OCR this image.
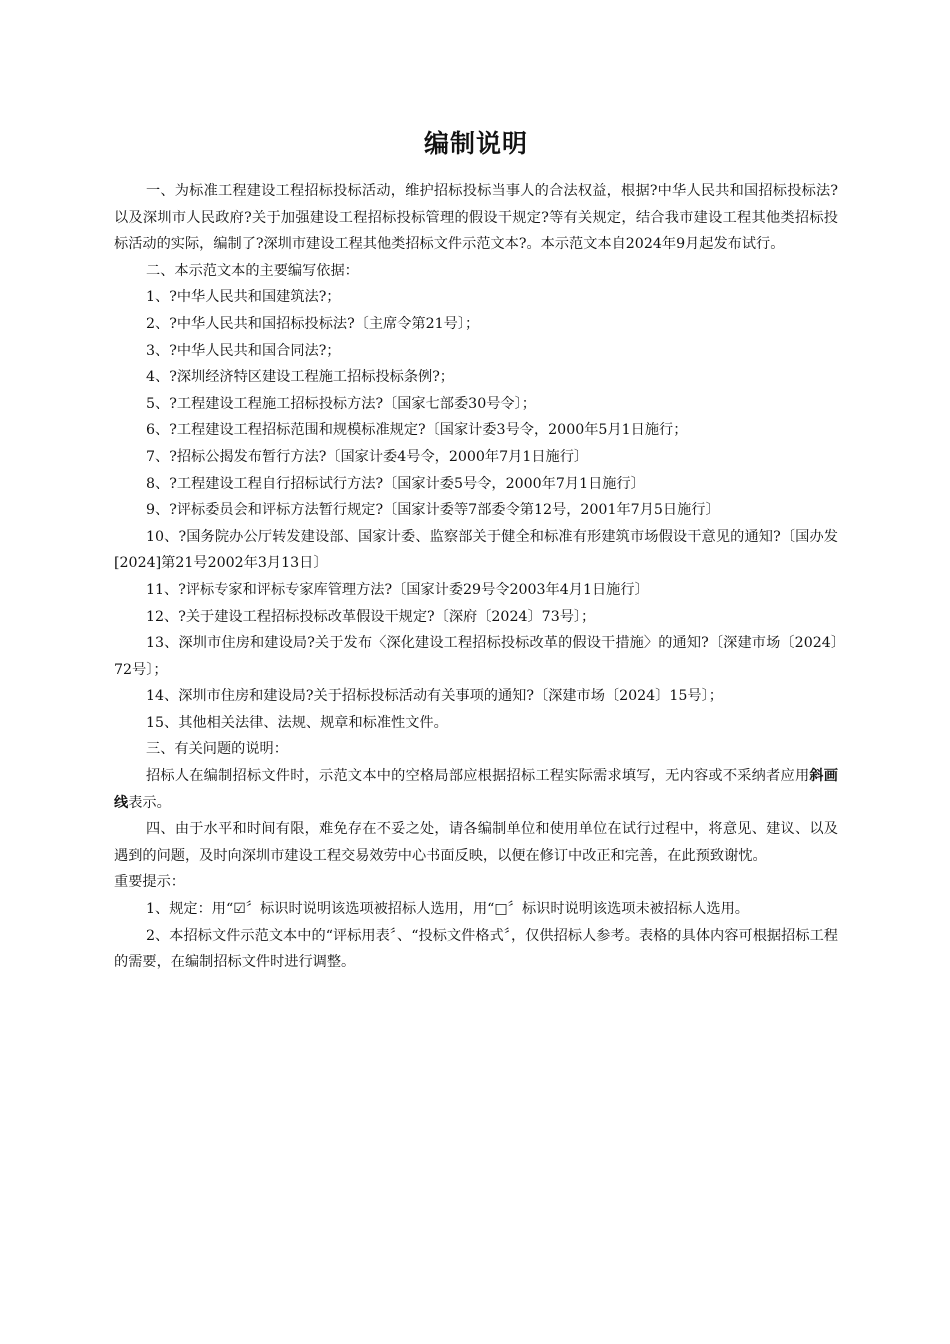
编制说明

一、为标准工程建设工程招标投标活动，维护招标投标当事人的合法权益，根据?中华人民共和国招标投标法?以及深圳市人民政府?关于加强建设工程招标投标管理的假设干规定?等有关规定，结合我市建设工程其他类招标投标活动的实际，编制了?深圳市建设工程其他类招标文件示范文本?。本示范文本自2024年9月起发布试行。

二、本示范文本的主要编写依据：

1、?中华人民共和国建筑法?；

2、?中华人民共和国招标投标法?〔主席令第21号〕；

3、?中华人民共和国合同法?；

4、?深圳经济特区建设工程施工招标投标条例?；

5、?工程建设工程施工招标投标方法?〔国家七部委30号令〕；

6、?工程建设工程招标范围和规模标准规定?〔国家计委3号令，2000年5月1日施行；

7、?招标公揭发布暂行方法?〔国家计委4号令，2000年7月1日施行〕

8、?工程建设工程自行招标试行方法?〔国家计委5号令，2000年7月1日施行〕

9、?评标委员会和评标方法暂行规定?〔国家计委等7部委令第12号，2001年7月5日施行〕

10、?国务院办公厅转发建设部、国家计委、监察部关于健全和标准有形建筑市场假设干意见的通知?〔国办发[2024]第21号2002年3月13日〕

11、?评标专家和评标专家库管理方法?〔国家计委29号令2003年4月1日施行〕

12、?关于建设工程招标投标改革假设干规定?〔深府〔2024〕73号〕；

13、深圳市住房和建设局?关于发布〈深化建设工程招标投标改革的假设干措施〉的通知?〔深建市场〔2024〕72号〕；

14、深圳市住房和建设局?关于招标投标活动有关事项的通知?〔深建市场〔2024〕15号〕；

15、其他相关法律、法规、规章和标准性文件。

三、有关问题的说明：

招标人在编制招标文件时，示范文本中的空格局部应根据招标工程实际需求填写，无内容或不采纳者应用斜画线表示。

四、由于水平和时间有限，难免存在不妥之处，请各编制单位和使用单位在试行过程中，将意见、建议、以及遇到的问题，及时向深圳市建设工程交易效劳中心书面反映，以便在修订中改正和完善，在此预致谢忱。

重要提示：

1、规定：用“☑〞标识时说明该选项被招标人选用，用“□〞标识时说明该选项未被招标人选用。

2、本招标文件示范文本中的“评标用表〞、“投标文件格式〞，仅供招标人参考。表格的具体内容可根据招标工程的需要，在编制招标文件时进行调整。
